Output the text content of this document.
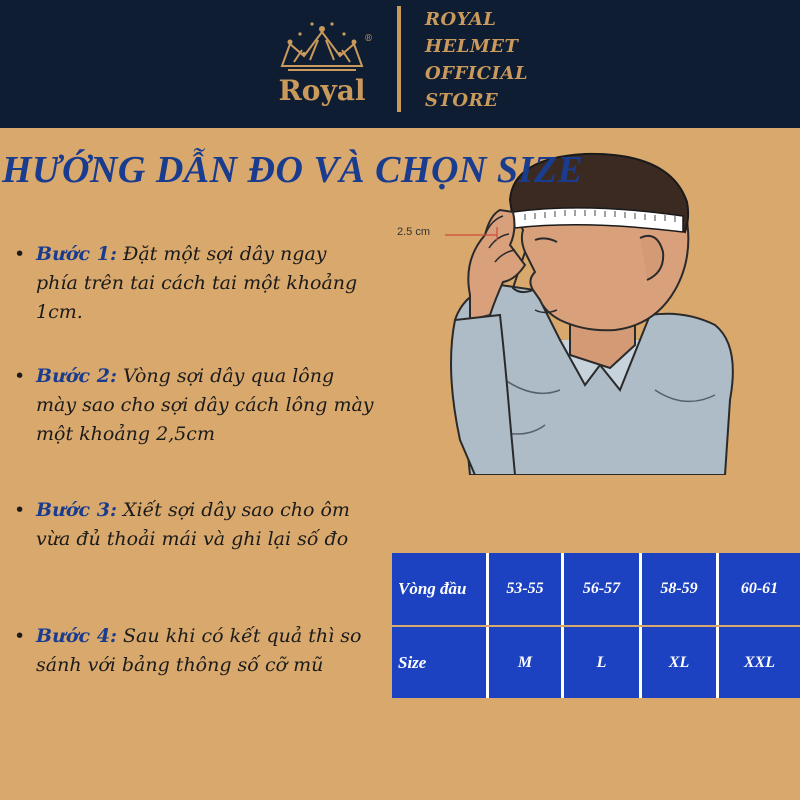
®
Royal
ROYAL
HELMET
OFFICIAL
STORE
HƯỚNG DẪN ĐO VÀ CHỌN SIZE
2.5 cm
• Bước 1: Đặt một sợi dây ngay phía trên tai cách tai một khoảng 1cm.
• Bước 2: Vòng sợi dây qua lông mày sao cho sợi dây cách lông mày một khoảng 2,5cm
• Bước 3: Xiết sợi dây sao cho ôm vừa đủ thoải mái và ghi lại số đo
• Bước 4: Sau khi có kết quả thì so sánh với bảng thông số cỡ mũ
Vòng đầu	53-55	56-57	58-59	60-61
Size	M	L	XL	XXL
